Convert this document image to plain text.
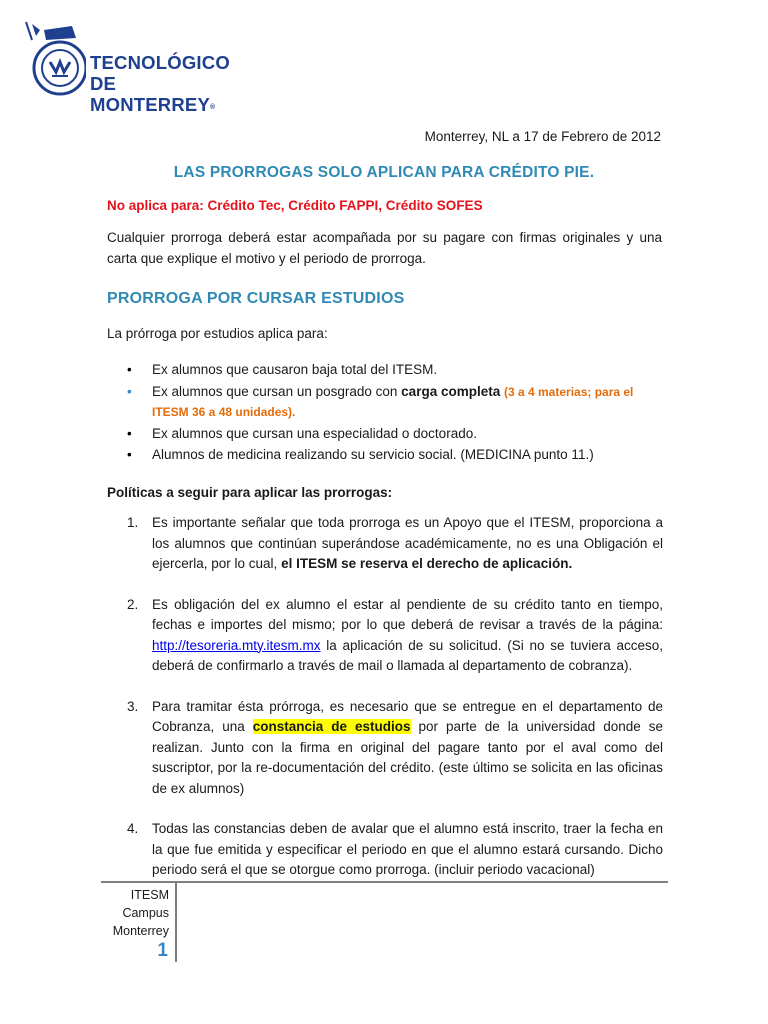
TECNOLÓGICO
DE MONTERREY®
Monterrey, NL a 17 de Febrero de 2012
LAS PRORROGAS SOLO APLICAN PARA CRÉDITO PIE.
No aplica para: Crédito Tec, Crédito FAPPI, Crédito SOFES
Cualquier prorroga deberá estar acompañada por su pagare con firmas originales y una carta que explique el motivo y el periodo de prorroga.
PRORROGA POR CURSAR ESTUDIOS
La prórroga por estudios aplica para:
• Ex alumnos que causaron baja total del ITESM.
• Ex alumnos que cursan un posgrado con carga completa (3 a 4 materias; para el ITESM 36 a 48 unidades).
• Ex alumnos que cursan una especialidad o doctorado.
• Alumnos de medicina realizando su servicio social. (MEDICINA punto 11.)
Políticas a seguir para aplicar las prorrogas:
1. Es importante señalar que toda prorroga es un Apoyo que el ITESM, proporciona a los alumnos que continúan superándose académicamente, no es una Obligación el ejercerla, por lo cual, el ITESM se reserva el derecho de aplicación.
2. Es obligación del ex alumno el estar al pendiente de su crédito tanto en tiempo, fechas e importes del mismo; por lo que deberá de revisar a través de la página: http://tesoreria.mty.itesm.mx la aplicación de su solicitud. (Si no se tuviera acceso, deberá de confirmarlo a través de mail o llamada al departamento de cobranza).
3. Para tramitar ésta prórroga, es necesario que se entregue en el departamento de Cobranza, una constancia de estudios por parte de la universidad donde se realizan. Junto con la firma en original del pagare tanto por el aval como del suscriptor, por la re-documentación del crédito. (este último se solicita en las oficinas de ex alumnos)
4. Todas las constancias deben de avalar que el alumno está inscrito, traer la fecha en la que fue emitida y especificar el periodo en que el alumno estará cursando. Dicho periodo será el que se otorgue como prorroga. (incluir periodo vacacional)
ITESM
Campus
Monterrey
1
